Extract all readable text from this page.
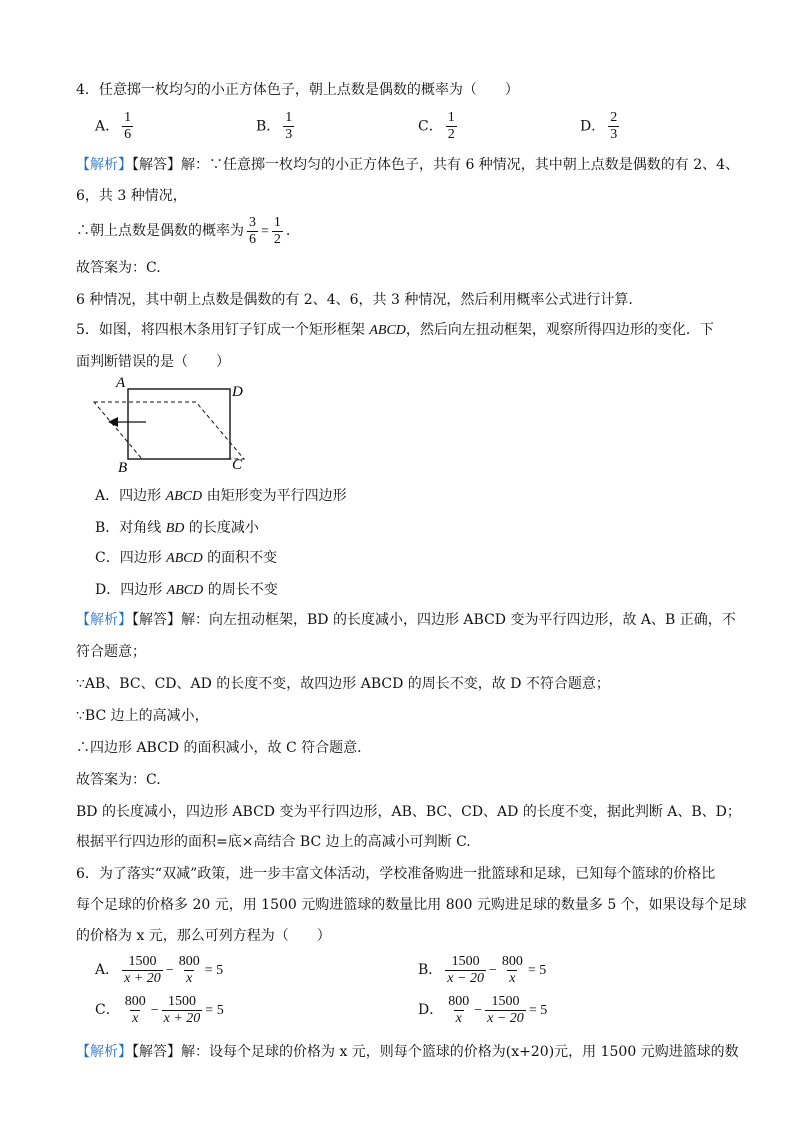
4．任意掷一枚均匀的小正方体色子，朝上点数是偶数的概率为（　　）
A． $\frac{1}{6}$	B． $\frac{1}{3}$	C． $\frac{1}{2}$	D． $\frac{2}{3}$
【解析】【解答】解：∵任意掷一枚均匀的小正方体色子，共有 6 种情况，其中朝上点数是偶数的有 2、4、
6，共 3 种情况，
∴朝上点数是偶数的概率为 $\frac{3}{6} = \frac{1}{2}$ .
故答案为：C.
6 种情况，其中朝上点数是偶数的有 2、4、6，共 3 种情况，然后利用概率公式进行计算.
5．如图，将四根木条用钉子钉成一个矩形框架 ABCD，然后向左扭动框架，观察所得四边形的变化．下
面判断错误的是（　　）
A
D
B	C
A．四边形 ABCD 由矩形变为平行四边形
B．对角线 BD 的长度减小
C．四边形 ABCD 的面积不变
D．四边形 ABCD 的周长不变
【解析】【解答】解：向左扭动框架，BD 的长度减小，四边形 ABCD 变为平行四边形，故 A、B 正确，不
符合题意；
∵AB、BC、CD、AD 的长度不变，故四边形 ABCD 的周长不变，故 D 不符合题意；
∵BC 边上的高减小，
∴四边形 ABCD 的面积减小，故 C 符合题意.
故答案为：C.
BD 的长度减小，四边形 ABCD 变为平行四边形，AB、BC、CD、AD 的长度不变，据此判断 A、B、D；
根据平行四边形的面积=底×高结合 BC 边上的高减小可判断 C.
6．为了落实“双减”政策，进一步丰富文体活动，学校准备购进一批篮球和足球，已知每个篮球的价格比
每个足球的价格多 20 元，用 1500 元购进篮球的数量比用 800 元购进足球的数量多 5 个，如果设每个足球
的价格为 x 元，那么可列方程为（　　）
A． $\frac{1500}{x + 20} - \frac{800}{x} = 5$	B． $\frac{1500}{x - 20} - \frac{800}{x} = 5$
C． $\frac{800}{x} - \frac{1500}{x + 20} = 5$	D． $\frac{800}{x} - \frac{1500}{x - 20} = 5$
【解析】【解答】解：设每个足球的价格为 x 元，则每个篮球的价格为(x+20)元，用 1500 元购进篮球的数
